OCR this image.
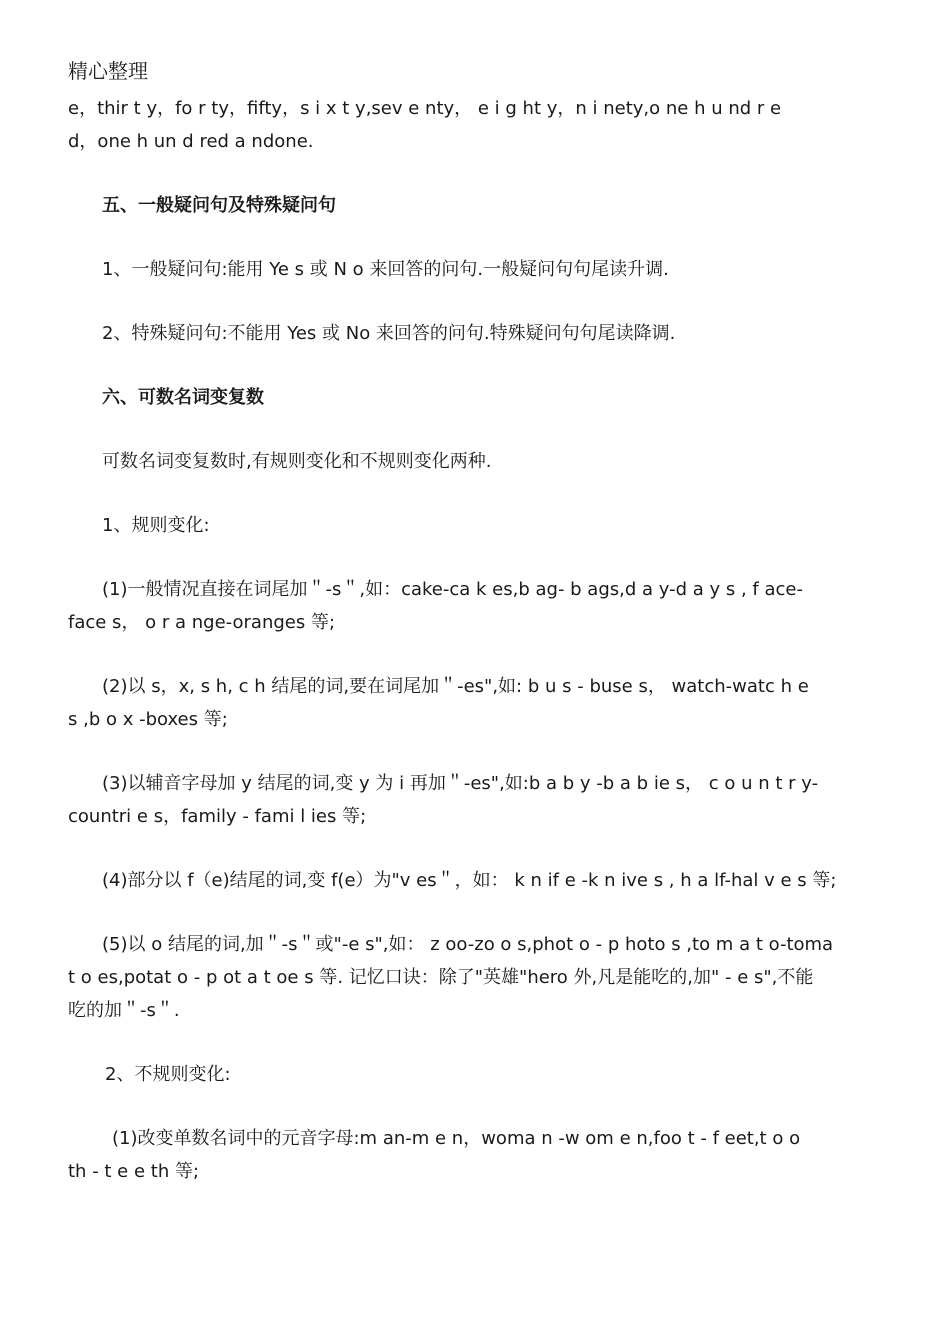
精心整理
e，thir t y，fo r ty，fifty，s i x t y,sev e nty， e i g ht y，n i nety,o ne h u nd r e
d，one h un d red a ndone.
五、一般疑问句及特殊疑问句
1、一般疑问句:能用 Ye s 或 N o 来回答的问句.一般疑问句句尾读升调.
2、特殊疑问句:不能用 Yes 或 No 来回答的问句.特殊疑问句句尾读降调.
六、可数名词变复数
可数名词变复数时,有规则变化和不规则变化两种.
1、规则变化:
(1)一般情况直接在词尾加＂-s＂,如：cake-ca k es,b ag- b ags,d a y-d a y s , f ace-
face s， o r a nge-oranges 等;
(2)以 s，x, s h, c h 结尾的词,要在词尾加＂-es",如: b u s - buse s， watch-watc h e
s ,b o x -boxes 等;
(3)以辅音字母加 y 结尾的词,变 y 为 i 再加＂-es",如:b a b y -b a b ie s， c o u n t r y-
countri e s，family - fami l ies 等;
(4)部分以 f（e)结尾的词,变 f(e）为"v es＂，如： k n if e -k n ive s , h a lf-hal v e s 等;
(5)以 o 结尾的词,加＂-s＂或"-e s",如： z oo-zo o s,phot o - p hoto s ,to m a t o-toma
t o es,potat o - p ot a t oe s 等. 记忆口诀：除了"英雄"hero 外,凡是能吃的,加" - e s",不能
吃的加＂-s＂.
2、不规则变化:
(1)改变单数名词中的元音字母:m an-m e n，woma n -w om e n,foo t - f eet,t o o
th - t e e th 等;
